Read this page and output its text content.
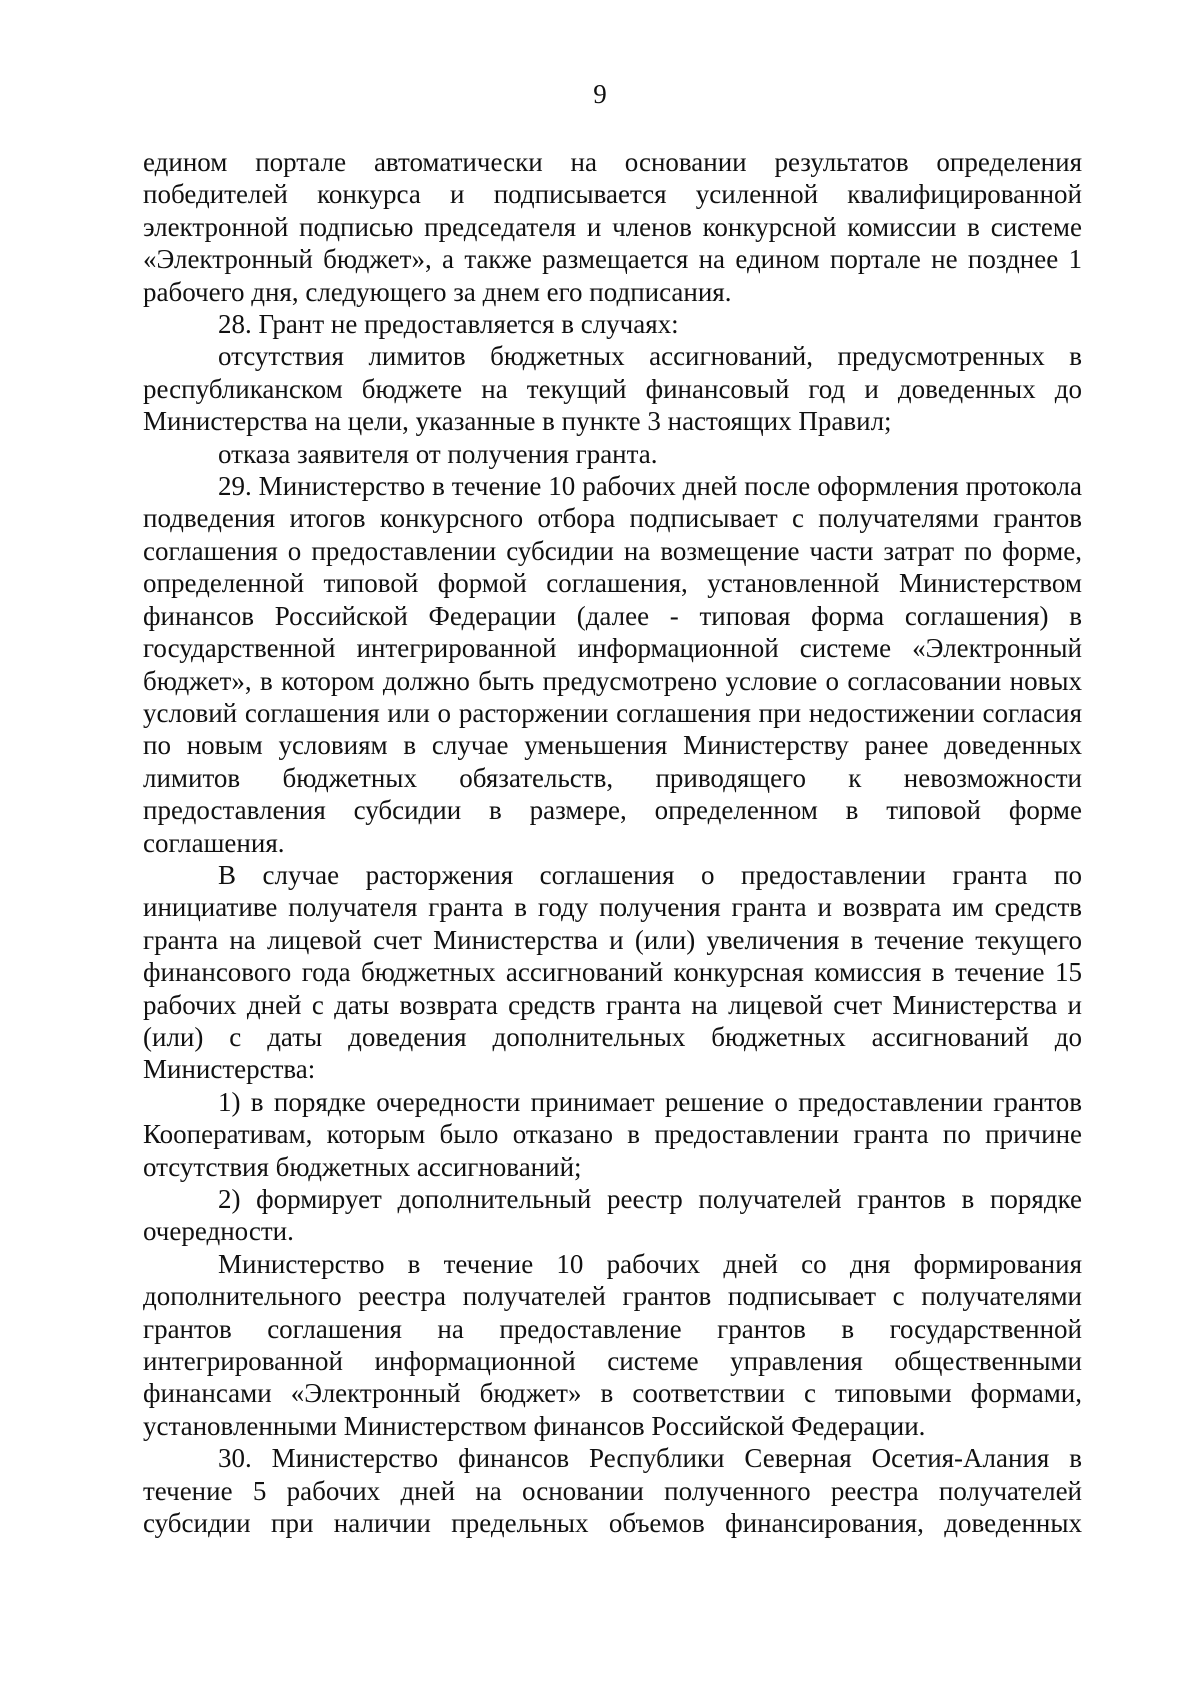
9

едином портале автоматически на основании результатов определения победителей конкурса и подписывается усиленной квалифицированной электронной подписью председателя и членов конкурсной комиссии в системе «Электронный бюджет», а также размещается на едином портале не позднее 1 рабочего дня, следующего за днем его подписания.

28. Грант не предоставляется в случаях:

отсутствия лимитов бюджетных ассигнований, предусмотренных в республиканском бюджете на текущий финансовый год и доведенных до Министерства на цели, указанные в пункте 3 настоящих Правил;

отказа заявителя от получения гранта.

29. Министерство в течение 10 рабочих дней после оформления протокола подведения итогов конкурсного отбора подписывает с получателями грантов соглашения о предоставлении субсидии на возмещение части затрат по форме, определенной типовой формой соглашения, установленной Министерством финансов Российской Федерации (далее - типовая форма соглашения) в государственной интегрированной информационной системе «Электронный бюджет», в котором должно быть предусмотрено условие о согласовании новых условий соглашения или о расторжении соглашения при недостижении согласия по новым условиям в случае уменьшения Министерству ранее доведенных лимитов бюджетных обязательств, приводящего к невозможности предоставления субсидии в размере, определенном в типовой форме соглашения.

В случае расторжения соглашения о предоставлении гранта по инициативе получателя гранта в году получения гранта и возврата им средств гранта на лицевой счет Министерства и (или) увеличения в течение текущего финансового года бюджетных ассигнований конкурсная комиссия в течение 15 рабочих дней с даты возврата средств гранта на лицевой счет Министерства и (или) с даты доведения дополнительных бюджетных ассигнований до Министерства:

1) в порядке очередности принимает решение о предоставлении грантов Кооперативам, которым было отказано в предоставлении гранта по причине отсутствия бюджетных ассигнований;

2) формирует дополнительный реестр получателей грантов в порядке очередности.

Министерство в течение 10 рабочих дней со дня формирования дополнительного реестра получателей грантов подписывает с получателями грантов соглашения на предоставление грантов в государственной интегрированной информационной системе управления общественными финансами «Электронный бюджет» в соответствии с типовыми формами, установленными Министерством финансов Российской Федерации.

30. Министерство финансов Республики Северная Осетия-Алания в течение 5 рабочих дней на основании полученного реестра получателей субсидии при наличии предельных объемов финансирования, доведенных
